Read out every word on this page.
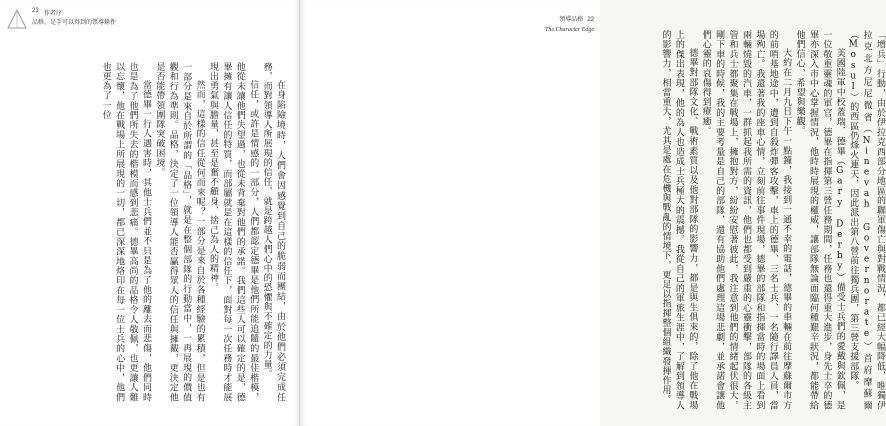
23 作者序
品格，是手可以得到的領導條件

在身陷險境時，人們會因感覺到自己的脆弱而團結，由於他們必須完成任務，而對領導人所展現的信任，就是跨越人們心中的恐懼與不確定的力量。

信任，或許是情感的一部分，人們都認定德畢是他們所能追隨的最佳楷模，他從未讓他們失望過，也從未背棄對他們的承諾。我們這些人可以確定的是，德畢擁有讓人信任的特質，而部屬就是在這樣的信任下，面對每一次任務時才能展現出勇氣與膽量，甚至是奮不顧身、捨己為人的精神。

然而，這樣的信任從何而來呢？一部分是來自於各種經驗的累積，但是也有一部分是來自於所謂的「品格」，就是在整個部隊的行動當中，一再展現的價值觀和行為準則。品格，決定了一位領導人能否贏得眾人的信任與擁戴，更決定他是否能帶領團隊突破困境。

當德畢一行人遇害時，其他士兵們並不只是為了他的離去而悲傷，他們同時也是為了他們所失去的楷模而感到悲痛。德畢高尚的品格令人敬佩，也更讓人難以忘懷，他在戰場上所展現的一切，都已深深地烙印在每一位士兵的心中，他們也更為了一位

領導品格 22
The Character Edge	「增兵」行動，由於伊拉克西部分地區的聯軍傷亡與對戰情況，都已經大幅降低，唯獨伊拉克北方尼尼微省（Ninevah Governorate）首府摩蘇爾（Mosul）的西區仍烽火連天，因此派出第八營前往獨兵團，第三營支援部隊。

美國陸軍中校蓋瑞．德畢（Gary Derby）備受士兵們的愛戴與欽佩，是一位敬重靈魂的軍官，德畢在指揮第三營任務期間，任務也還得重大進步，身先士卒的德畢亦深入市中心掌握情況，他時時展現的權威，讓部隊無論面臨何種艱辛狀況，都能帶給他們信心，希望與樂觀。

大約在二月九日下午一點鐘，我接到一通不幸的電話，德畢的車輛在前往摩蘇爾市方的前哨基地途中，遭到自殺炸彈客攻擊，車上的德畢、三名士兵、一名隨行譯員人員，當場殉亡。我還著我的座車心情，立刻前往事件現場，德畢的部隊和指揮當時的場面上看到兩輛燒毀的汽車，一群抓起我所需的資訊，他們也都受到嚴重的心靈衝擊，部隊的各級主管和兵士都聚集在戰場上，擁抱對方，紛紛安慰著彼此，我注意到他們的情緒起伏很大，剛下車的時候，我的主要考量是自己的部隊，還有協助他們處理這場悲劇，並承諾會讓他們心靈的哀傷得到療癒。

德畢對部隊文化、戰術素質以及他對部隊的影響力，都是與生俱來的，除了他在戰場上的傑出表現，他的為人也造成士兵極大的震撼。我從自己的軍旅生涯中，了解到領導人的影響力，相當重大，尤其是處在危機與戰亂的情境下，更足以指揮整個組織發揮作用。
